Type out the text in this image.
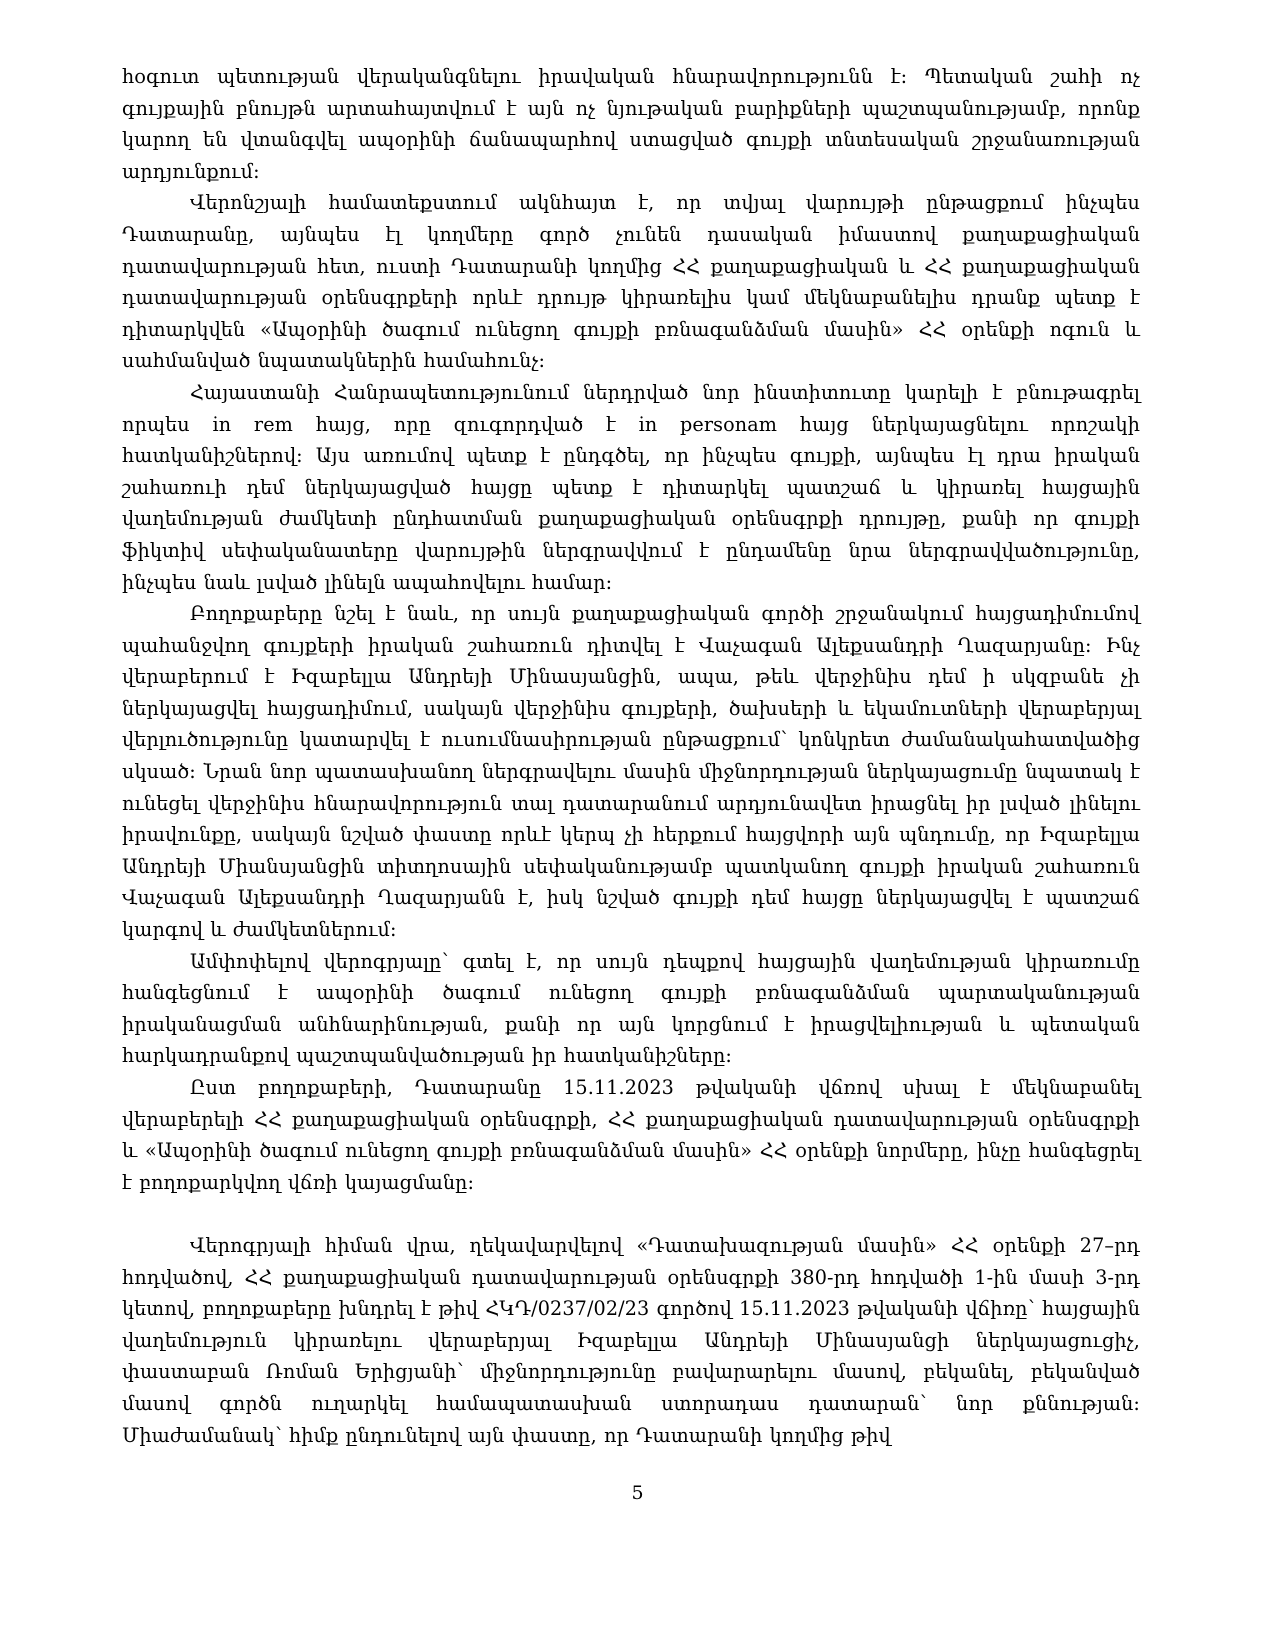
հօգուտ պետության վերականգնելու իրավական հնարավորությունն է: Պետական շահի ոչ գույքային բնույթն արտահայտվում է այն ոչ նյութական բարիքների պաշտպանությամբ, որոնք կարող են վտանգվել ապօրինի ճանապարհով ստացված գույքի տնտեսական շրջանառության արդյունքում:

Վերոնշյալի համատեքստում ակնհայտ է, որ տվյալ վարույթի ընթացքում ինչպես Դատարանը, այնպես էլ կողմերը գործ չունեն դասական իմաստով քաղաքացիական դատավարության հետ, ուստի Դատարանի կողմից ՀՀ քաղաքացիական և ՀՀ քաղաքացիական դատավարության օրենսգրքերի որևէ դրույթ կիրառելիս կամ մեկնաբանելիս դրանք պետք է դիտարկվեն «Ապօրինի ծագում ունեցող գույքի բռնագանձման մասին» ՀՀ օրենքի ոգուն և սահմանված նպատակներին համահունչ:

Հայաստանի Հանրապետությունում ներդրված նոր ինստիտուտը կարելի է բնութագրել որպես in rem հայց, որը զուգորդված է in personam հայց ներկայացնելու որոշակի հատկանիշներով: Այս առումով պետք է ընդգծել, որ ինչպես գույքի, այնպես էլ դրա իրական շահառուի դեմ ներկայացված հայցը պետք է դիտարկել պատշաճ և կիրառել հայցային վաղեմության ժամկետի ընդհատման քաղաքացիական օրենսգրքի դրույթը, քանի որ գույքի ֆիկտիվ սեփականատերը վարույթին ներգրավվում է ընդամենը նրա ներգրավվածությունը, ինչպես նաև լսված լինելն ապահովելու համար:

Բողոքաբերը նշել է նաև, որ սույն քաղաքացիական գործի շրջանակում հայցադիմումով պահանջվող գույքերի իրական շահառուն դիտվել է Վաչագան Ալեքսանդրի Ղազարյանը: Ինչ վերաբերում է Իզաբելլա Անդրեյի Մինասյանցին, ապա, թեև վերջինիս դեմ ի սկզբանե չի ներկայացվել հայցադիմում, սակայն վերջինիս գույքերի, ծախսերի և եկամուտների վերաբերյալ վերլուծությունը կատարվել է ուսումնասիրության ընթացքում՝ կոնկրետ ժամանակահատվածից սկսած: Նրան նոր պատասխանող ներգրավելու մասին միջնորդության ներկայացումը նպատակ է ունեցել վերջինիս հնարավորություն տալ դատարանում արդյունավետ իրացնել իր լսված լինելու իրավունքը, սակայն նշված փաստը որևէ կերպ չի հերքում հայցվորի այն պնդումը, որ Իզաբելլա Անդրեյի Միանսյանցին տիտղոսային սեփականությամբ պատկանող գույքի իրական շահառուն Վաչագան Ալեքսանդրի Ղազարյանն է, իսկ նշված գույքի դեմ հայցը ներկայացվել է պատշաճ կարգով և ժամկետներում:

Ամփոփելով վերոգրյալը՝ գտել է, որ սույն դեպքով հայցային վաղեմության կիրառումը հանգեցնում է ապօրինի ծագում ունեցող գույքի բռնագանձման պարտականության իրականացման անհնարինության, քանի որ այն կորցնում է իրացվելիության և պետական հարկադրանքով պաշտպանվածության իր հատկանիշները:

Ըստ բողոքաբերի, Դատարանը 15.11.2023 թվականի վճռով սխալ է մեկնաբանել վերաբերելի ՀՀ քաղաքացիական օրենսգրքի, ՀՀ քաղաքացիական դատավարության օրենսգրքի և «Ապօրինի ծագում ունեցող գույքի բռնագանձման մասին» ՀՀ օրենքի նորմերը, ինչը հանգեցրել է բողոքարկվող վճռի կայացմանը:

Վերոգրյալի հիման վրա, ղեկավարվելով «Դատախազության մասին» ՀՀ օրենքի 27–րդ հոդվածով, ՀՀ քաղաքացիական դատավարության օրենսգրքի 380-րդ հոդվածի 1-ին մասի 3-րդ կետով, բողոքաբերը խնդրել է թիվ ՀԿԴ/0237/02/23 գործով 15.11.2023 թվականի վճիռը՝ հայցային վաղեմություն կիրառելու վերաբերյալ Իզաբելլա Անդրեյի Մինասյանցի ներկայացուցիչ, փաստաբան Ռոման Երիցյանի՝ միջնորդությունը բավարարելու մասով, բեկանել, բեկանված մասով գործն ուղարկել համապատասխան ստորադաս դատարան՝ նոր քննության: Միաժամանակ՝ հիմք ընդունելով այն փաստը, որ Դատարանի կողմից թիվ

5
